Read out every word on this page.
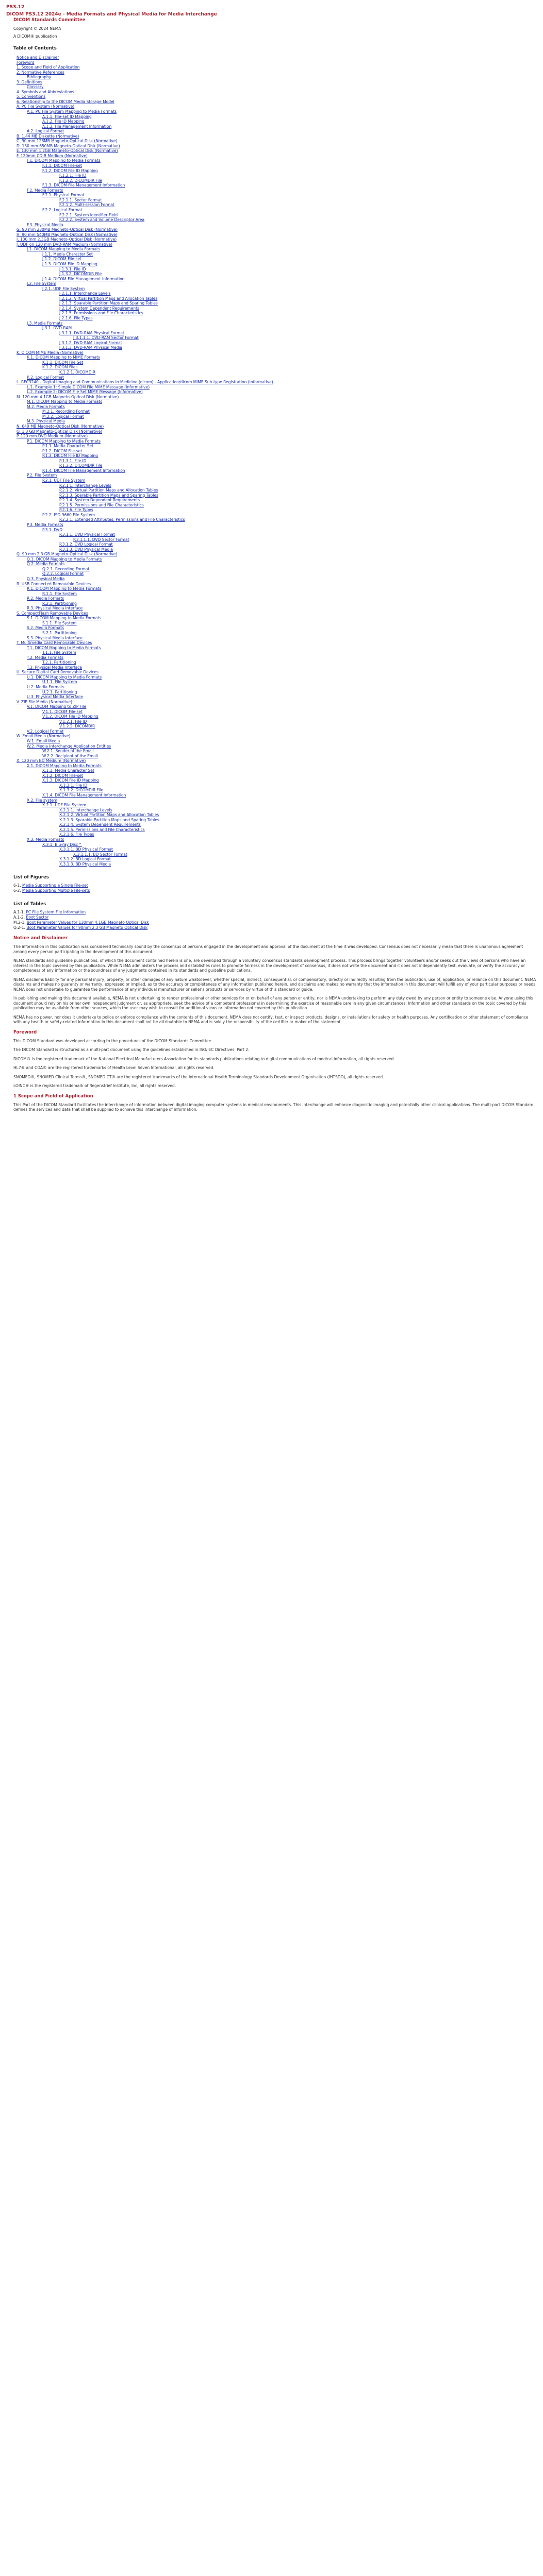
PS3.12
DICOM PS3.12 2024e - Media Formats and Physical Media for Media Interchange
DICOM Standards Committee

Copyright © 2024 NEMA

A DICOM® publication

Table of Contents
Notice and Disclaimer
Foreword
1. Scope and Field of Application
2. Normative References
Bibliography
3. Definitions
Glossary
4. Symbols and Abbreviations
5. Conventions
6. Relationship to the DICOM Media Storage Model
A. PC File System (Normative)
A.1. PC File System Mapping to Media Formats
A.1.1. File-set ID Mapping
A.1.2. File ID Mapping
A.1.3. File Management Information
A.2. Logical Format
B. 1.44 MB Diskette (Normative)
C. 90 mm 128MB Magneto-Optical Disk (Normative)
D. 130 mm 650MB Magneto-Optical Disk (Normative)
E. 130 mm 1.2GB Magneto-Optical Disk (Normative)
F. 120mm CD-R Medium (Normative)
F.1. DICOM Mapping to Media Formats
F.1.1. DICOM File-set
F.1.2. DICOM File ID Mapping
F.1.2.1. File ID
F.1.2.2. DICOMDIR File
F.1.3. DICOM File Management Information
F.2. Media Formats
F.2.1. Physical Format
F.2.1.1. Sector Format
F.2.1.2. Multi-session Format
F.2.2. Logical Format
F.2.2.1. System Identifier Field
F.2.2.2. System and Volume Descriptor Area
F.3. Physical Media
G. 90 mm 230MB Magneto-Optical Disk (Normative)
H. 90 mm 540MB Magneto-Optical Disk (Normative)
I. 130 mm 2.3GB Magneto-Optical Disk (Normative)
J. UDF on 120 mm DVD-RAM Medium (Normative)
J.1. DICOM Mapping to Media Formats
J.1.1. Media Character Set
J.1.2. DICOM File-set
J.1.3. DICOM File ID Mapping
J.1.3.1. File ID
J.1.3.2. DICOMDIR File
J.1.4. DICOM File Management Information
J.2. File System
J.2.1. UDF File System
J.2.1.1. Interchange Levels
J.2.1.2. Virtual Partition Maps and Allocation Tables
J.2.1.3. Sparable Partition Maps and Sparing Tables
J.2.1.4. System Dependent Requirements
J.2.1.5. Permissions and File Characteristics
J.2.1.6. File Types
J.3. Media Formats
J.3.1. DVD-RAM
J.3.1.1. DVD-RAM Physical Format
J.3.1.1.1. DVD-RAM Sector Format
J.3.1.2. DVD-RAM Logical Format
J.3.1.3. DVD-RAM Physical Media
K. DICOM MIME Media (Normative)
K.1. DICOM Mapping to MIME Formats
K.1.1. DICOM File Set
K.1.2. DICOM Files
K.1.2.1. DICOMDIR
K.2. Logical Format
L. RFC3240 - Digital Imaging and Communications in Medicine (dicom) - Application/dicom MIME Sub-type Registration (Informative)
L.1. Example 1: Simple DICOM File MIME Message (Informative)
L.2. Example 2: DICOM File Set MIME Message (Informative)
M. 120 mm 4.1GB Magneto-Optical Disk (Normative)
M.1. DICOM Mapping to Media Formats
M.2. Media Formats
M.2.1. Recording Format
M.2.2. Logical Format
M.3. Physical Media
N. 640 MB Magneto-Optical Disk (Normative)
O. 1.3 GB Magneto-Optical Disk (Normative)
P. 120 mm DVD Medium (Normative)
P.1. DICOM Mapping to Media Formats
P.1.1. Media Character Set
P.1.2. DICOM File-set
P.1.3. DICOM File ID Mapping
P.1.3.1. File ID
P.1.3.2. DICOMDIR File
P.1.4. DICOM File Management Information
P.2. File System
P.2.1. UDF File System
P.2.1.1. Interchange Levels
P.2.1.2. Virtual Partition Maps and Allocation Tables
P.2.1.3. Sparable Partition Maps and Sparing Tables
P.2.1.4. System Dependent Requirements
P.2.1.5. Permissions and File Characteristics
P.2.1.6. File Types
P.2.2. ISO 9660 File System
P.2.2.1. Extended Attributes, Permissions and File Characteristics
P.3. Media Formats
P.3.1. DVD
P.3.1.1. DVD Physical Format
P.3.1.1.1. DVD Sector Format
P.3.1.2. DVD Logical Format
P.3.1.3. DVD Physical Media
Q. 90 mm 2.3 GB Magneto-Optical Disk (Normative)
Q.1. DICOM Mapping to Media Formats
Q.2. Media Formats
Q.2.1. Recording Format
Q.2.2. Logical Format
Q.3. Physical Media
R. USB Connected Removable Devices
R.1. DICOM Mapping to Media Formats
R.1.1. File System
R.2. Media Formats
R.2.1. Partitioning
R.3. Physical Media Interface
S. CompactFlash Removable Devices
S.1. DICOM Mapping to Media Formats
S.1.1. File System
S.2. Media Formats
S.2.1. Partitioning
S.3. Physical Media Interface
T. Multimedia Card Removable Devices
T.1. DICOM Mapping to Media Formats
T.1.1. File System
T.2. Media Formats
T.2.1. Partitioning
T.3. Physical Media Interface
U. Secure Digital Card Removable Devices
U.1. DICOM Mapping to Media Formats
U.1.1. File System
U.2. Media Formats
U.2.1. Partitioning
U.3. Physical Media Interface
V. ZIP File Media (Normative)
V.1. DICOM Mapping to ZIP File
V.1.1. DICOM File-set
V.1.2. DICOM File ID Mapping
V.1.2.1. File ID
V.1.2.2. DICOMDIR
V.2. Logical Format
W. Email Media (Normative)
W.1. Email Media
W.2. Media Interchange Application Entities
W.2.1. Sender of the Email
W.2.2. Recipient of the Email
X. 120 mm BD Medium (Normative)
X.1. DICOM Mapping to Media Formats
X.1.1. Media Character Set
X.1.2. DICOM File-set
X.1.3. DICOM File ID Mapping
X.1.3.1. File ID
X.1.3.2. DICOMDIR File
X.1.4. DICOM File Management Information
X.2. File system
X.2.1. UDF File System
X.2.1.1. Interchange Levels
X.2.1.2. Virtual Partition Maps and Allocation Tables
X.2.1.3. Sparable Partition Maps and Sparing Tables
X.2.1.4. System Dependent Requirements
X.2.1.5. Permissions and File Characteristics
X.2.1.6. File Types
X.3. Media Formats
X.3.1. Blu-ray Disc™
X.3.1.1. BD Physical Format
X.3.1.1.1. BD Sector Format
X.3.1.2. BD Logical Format
X.3.1.3. BD Physical Media
List of Figures
6-1. Media Supporting a Single File-set
6-2. Media Supporting Multiple File-sets
List of Tables
A.1-1. PC File System File Information
A.1-2. Boot Sector
M.2-1. Boot Parameter Values for 130mm 4.1GB Magneto Optical Disk
Q.2-1. Boot Parameter Values for 90mm 2.3 GB Magneto Optical Disk
Notice and Disclaimer
The information in this publication was considered technically sound by the consensus of persons engaged in the development and approval of the document at the time it was developed. Consensus does not necessarily mean that there is unanimous agreement among every person participating in the development of this document.
NEMA standards and guideline publications, of which the document contained herein is one, are developed through a voluntary consensus standards development process. This process brings together volunteers and/or seeks out the views of persons who have an interest in the topic covered by this publication. While NEMA administers the process and establishes rules to promote fairness in the development of consensus, it does not write the document and it does not independently test, evaluate, or verify the accuracy or completeness of any information or the soundness of any judgments contained in its standards and guideline publications.
NEMA disclaims liability for any personal injury, property, or other damages of any nature whatsoever, whether special, indirect, consequential, or compensatory, directly or indirectly resulting from the publication, use of, application, or reliance on this document. NEMA disclaims and makes no guaranty or warranty, expressed or implied, as to the accuracy or completeness of any information published herein, and disclaims and makes no warranty that the information in this document will fulfill any of your particular purposes or needs. NEMA does not undertake to guarantee the performance of any individual manufacturer or seller's products or services by virtue of this standard or guide.
In publishing and making this document available, NEMA is not undertaking to render professional or other services for or on behalf of any person or entity, nor is NEMA undertaking to perform any duty owed by any person or entity to someone else. Anyone using this document should rely on his or her own independent judgment or, as appropriate, seek the advice of a competent professional in determining the exercise of reasonable care in any given circumstances. Information and other standards on the topic covered by this publication may be available from other sources, which the user may wish to consult for additional views or information not covered by this publication.
NEMA has no power, nor does it undertake to police or enforce compliance with the contents of this document. NEMA does not certify, test, or inspect products, designs, or installations for safety or health purposes. Any certification or other statement of compliance with any health or safety-related information in this document shall not be attributable to NEMA and is solely the responsibility of the certifier or maker of the statement.
Foreword
This DICOM Standard was developed according to the procedures of the DICOM Standards Committee.
The DICOM Standard is structured as a multi-part document using the guidelines established in ISO/IEC Directives, Part 2.
DICOM® is the registered trademark of the National Electrical Manufacturers Association for its standards publications relating to digital communications of medical information, all rights reserved.
HL7® and CDA® are the registered trademarks of Health Level Seven International, all rights reserved.
SNOMED®, SNOMED Clinical Terms®, SNOMED CT® are the registered trademarks of the International Health Terminology Standards Development Organisation (IHTSDO), all rights reserved.
LOINC® is the registered trademark of Regenstrief Institute, Inc, all rights reserved.
1 Scope and Field of Application
This Part of the DICOM Standard facilitates the interchange of information between digital imaging computer systems in medical environments. This interchange will enhance diagnostic imaging and potentially other clinical applications. The multi-part DICOM Standard defines the services and data that shall be supplied to achieve this interchange of information.
